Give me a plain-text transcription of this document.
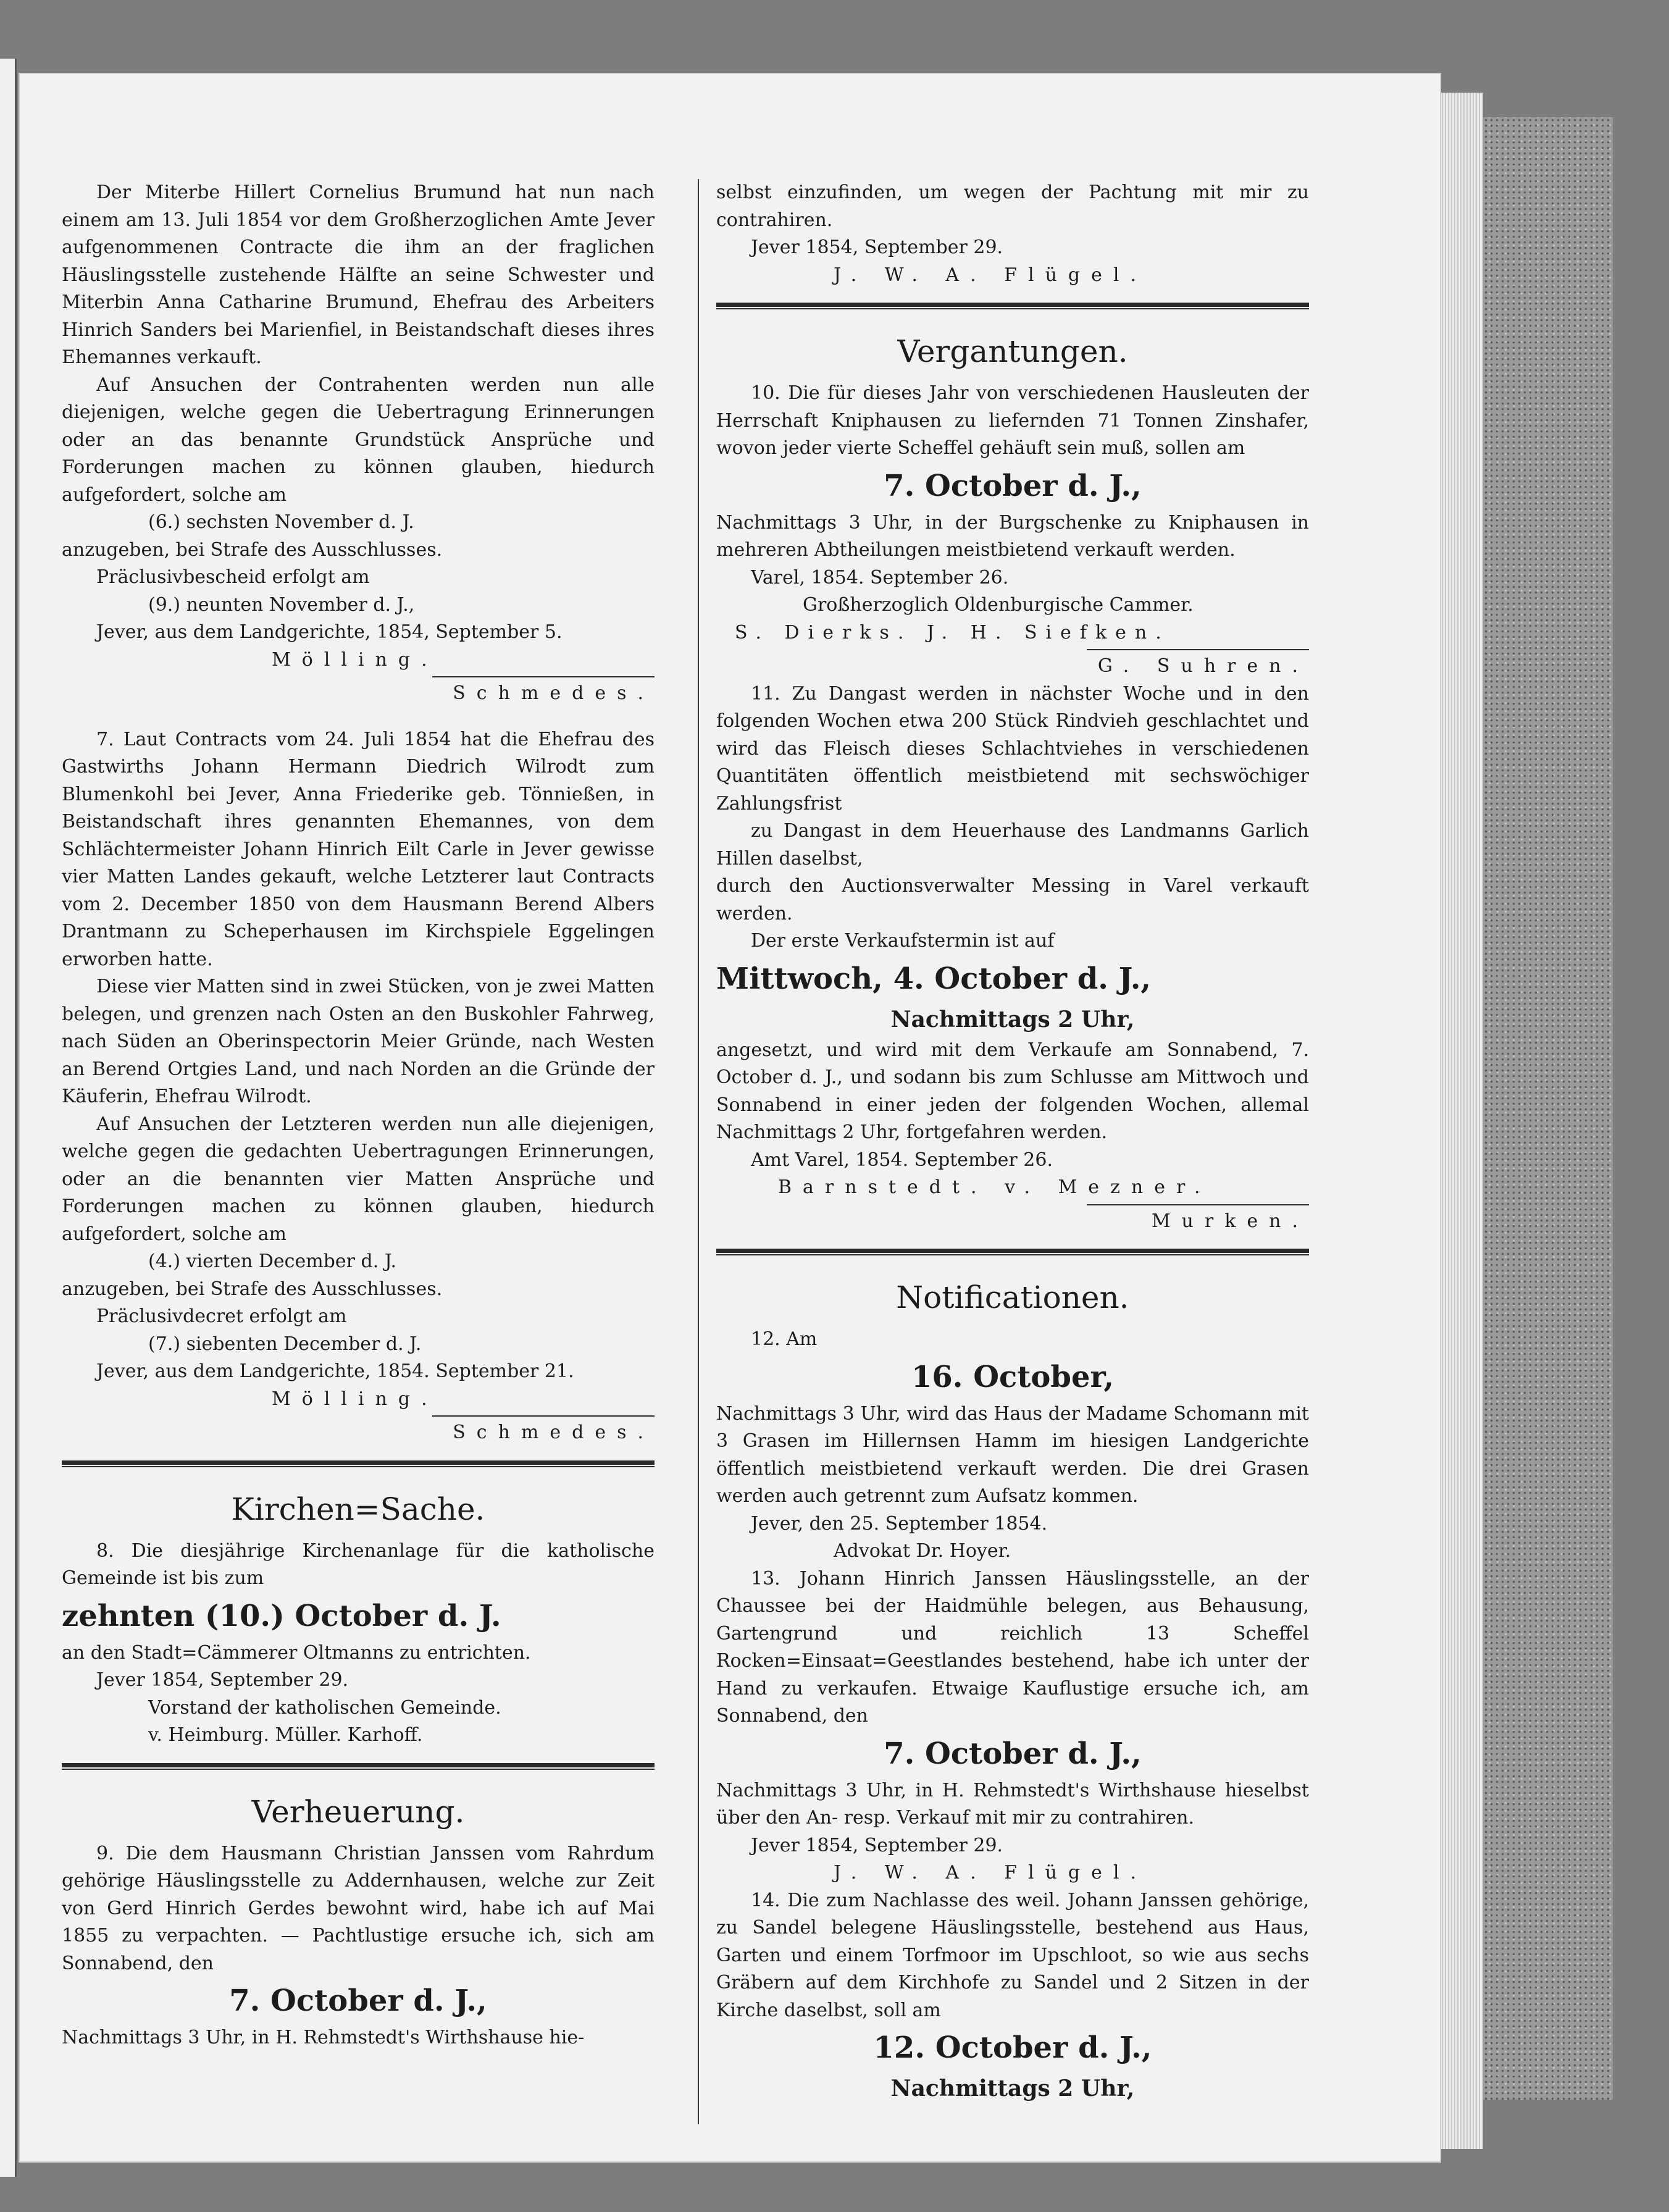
Der Miterbe Hillert Cornelius Brumund hat nun nach einem am 13. Juli 1854 vor dem Großherzoglichen Amte Jever aufgenommenen Contracte die ihm an der fraglichen Häuslingsstelle zustehende Hälfte an seine Schwester und Miterbin Anna Catharine Brumund, Ehefrau des Arbeiters Hinrich Sanders bei Marienfiel, in Beistandschaft dieses ihres Ehemannes verkauft.

Auf Ansuchen der Contrahenten werden nun alle diejenigen, welche gegen die Uebertragung Erinnerungen oder an das benannte Grundstück Ansprüche und Forderungen machen zu können glauben, hiedurch aufgefordert, solche am

(6.) sechsten November d. J.

anzugeben, bei Strafe des Ausschlusses.

Präclusivbescheid erfolgt am

(9.) neunten November d. J.,

Jever, aus dem Landgerichte, 1854, September 5.

Mölling.

Schmedes.

7. Laut Contracts vom 24. Juli 1854 hat die Ehefrau des Gastwirths Johann Hermann Diedrich Wilrodt zum Blumenkohl bei Jever, Anna Friederike geb. Tönnießen, in Beistandschaft ihres genannten Ehemannes, von dem Schlächtermeister Johann Hinrich Eilt Carle in Jever gewisse vier Matten Landes gekauft, welche Letzterer laut Contracts vom 2. December 1850 von dem Hausmann Berend Albers Drantmann zu Scheperhausen im Kirchspiele Eggelingen erworben hatte.

Diese vier Matten sind in zwei Stücken, von je zwei Matten belegen, und grenzen nach Osten an den Buskohler Fahrweg, nach Süden an Oberinspectorin Meier Gründe, nach Westen an Berend Ortgies Land, und nach Norden an die Gründe der Käuferin, Ehefrau Wilrodt.

Auf Ansuchen der Letzteren werden nun alle diejenigen, welche gegen die gedachten Uebertragungen Erinnerungen, oder an die benannten vier Matten Ansprüche und Forderungen machen zu können glauben, hiedurch aufgefordert, solche am

(4.) vierten December d. J.

anzugeben, bei Strafe des Ausschlusses.

Präclusivdecret erfolgt am

(7.) siebenten December d. J.

Jever, aus dem Landgerichte, 1854. September 21.

Mölling.

Schmedes.

Kirchen=Sache.

8. Die diesjährige Kirchenanlage für die katholische Gemeinde ist bis zum

zehnten (10.) October d. J.

an den Stadt=Cämmerer Oltmanns zu entrichten.

Jever 1854, September 29.

Vorstand der katholischen Gemeinde.

v. Heimburg. Müller. Karhoff.

Verheuerung.

9. Die dem Hausmann Christian Janssen vom Rahrdum gehörige Häuslingsstelle zu Addernhausen, welche zur Zeit von Gerd Hinrich Gerdes bewohnt wird, habe ich auf Mai 1855 zu verpachten. — Pachtlustige ersuche ich, sich am Sonnabend, den

7. October d. J.,

Nachmittags 3 Uhr, in H. Rehmstedt's Wirthshause hie-

selbst einzufinden, um wegen der Pachtung mit mir zu contrahiren.

Jever 1854, September 29.

J. W. A. Flügel.

Vergantungen.

10. Die für dieses Jahr von verschiedenen Hausleuten der Herrschaft Kniphausen zu liefernden 71 Tonnen Zinshafer, wovon jeder vierte Scheffel gehäuft sein muß, sollen am

7. October d. J.,

Nachmittags 3 Uhr, in der Burgschenke zu Kniphausen in mehreren Abtheilungen meistbietend verkauft werden.

Varel, 1854. September 26.

Großherzoglich Oldenburgische Cammer.

S. Dierks. J. H. Siefken.

G. Suhren.

11. Zu Dangast werden in nächster Woche und in den folgenden Wochen etwa 200 Stück Rindvieh geschlachtet und wird das Fleisch dieses Schlachtviehes in verschiedenen Quantitäten öffentlich meistbietend mit sechswöchiger Zahlungsfrist

zu Dangast in dem Heuerhause des Landmanns Garlich Hillen daselbst,

durch den Auctionsverwalter Messing in Varel verkauft werden.

Der erste Verkaufstermin ist auf

Mittwoch, 4. October d. J.,

Nachmittags 2 Uhr,

angesetzt, und wird mit dem Verkaufe am Sonnabend, 7. October d. J., und sodann bis zum Schlusse am Mittwoch und Sonnabend in einer jeden der folgenden Wochen, allemal Nachmittags 2 Uhr, fortgefahren werden.

Amt Varel, 1854. September 26.

Barnstedt. v. Mezner.

Murken.

Notificationen.

12. Am

16. October,

Nachmittags 3 Uhr, wird das Haus der Madame Schomann mit 3 Grasen im Hillernsen Hamm im hiesigen Landgerichte öffentlich meistbietend verkauft werden. Die drei Grasen werden auch getrennt zum Aufsatz kommen.

Jever, den 25. September 1854.

Advokat Dr. Hoyer.

13. Johann Hinrich Janssen Häuslingsstelle, an der Chaussee bei der Haidmühle belegen, aus Behausung, Gartengrund und reichlich 13 Scheffel Rocken=Einsaat=Geestlandes bestehend, habe ich unter der Hand zu verkaufen. Etwaige Kauflustige ersuche ich, am Sonnabend, den

7. October d. J.,

Nachmittags 3 Uhr, in H. Rehmstedt's Wirthshause hieselbst über den An- resp. Verkauf mit mir zu contrahiren.

Jever 1854, September 29.

J. W. A. Flügel.

14. Die zum Nachlasse des weil. Johann Janssen gehörige, zu Sandel belegene Häuslingsstelle, bestehend aus Haus, Garten und einem Torfmoor im Upschloot, so wie aus sechs Gräbern auf dem Kirchhofe zu Sandel und 2 Sitzen in der Kirche daselbst, soll am

12. October d. J.,

Nachmittags 2 Uhr,
